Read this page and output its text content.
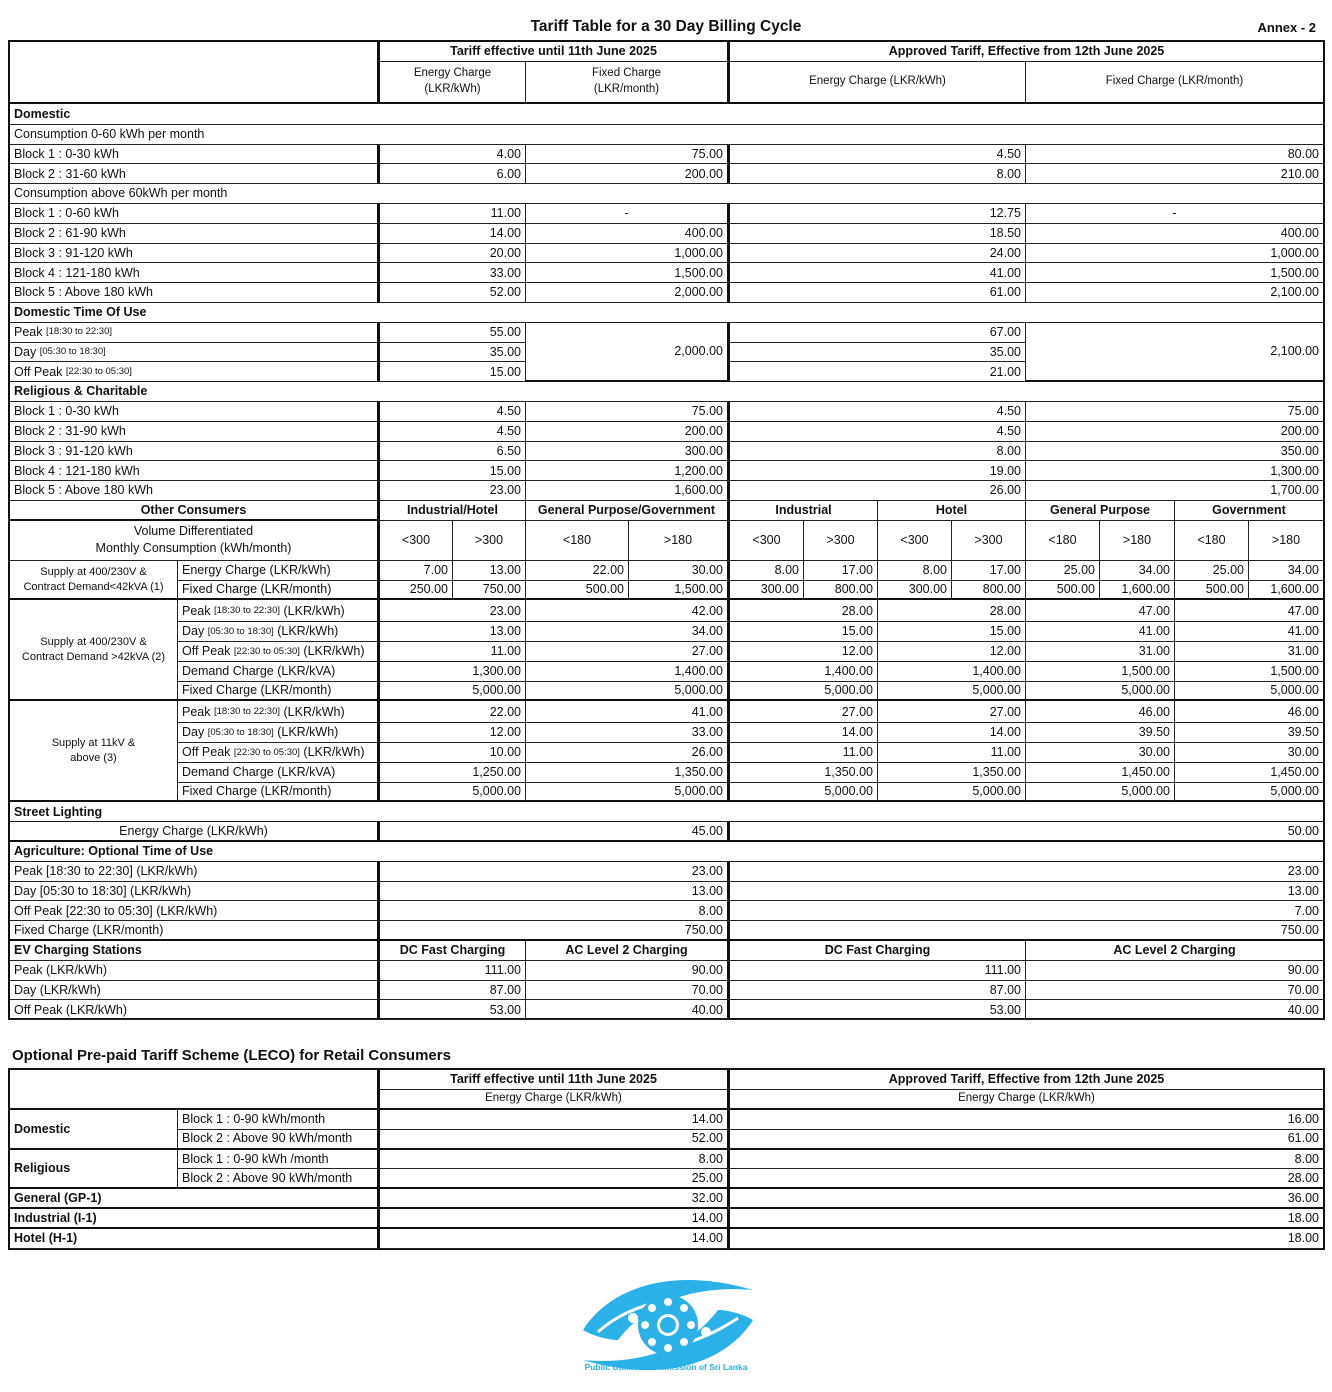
Tariff Table for a 30 Day Billing Cycle	Annex - 2
Tariff effective until 11th June 2025	Approved Tariff, Effective from 12th June 2025
Energy Charge
(LKR/kWh)
Fixed Charge
(LKR/month)
Energy Charge (LKR/kWh)	Fixed Charge (LKR/month)
Domestic
Consumption 0-60 kWh per month
Block 1 : 0-30 kWh	4.00	75.00	4.50	80.00
Block 2 : 31-60 kWh	6.00	200.00	8.00	210.00
Consumption above 60kWh per month
Block 1 : 0-60 kWh	11.00	-	12.75	-
Block 2 : 61-90 kWh	14.00	400.00	18.50	400.00
Block 3 : 91-120 kWh	20.00	1,000.00	24.00	1,000.00
Block 4 : 121-180 kWh	33.00	1,500.00	41.00	1,500.00
Block 5 : Above 180 kWh	52.00	2,000.00	61.00	2,100.00
Domestic Time Of Use
Peak
[18:30 to 22:30]	55.00	67.00
Day
[05:30 to 18:30]	35.00	35.00
Off Peak
[22:30 to 05:30]	15.00	21.00
2,000.00	2,100.00
Religious & Charitable
Block 1 : 0-30 kWh	4.50	75.00	4.50	75.00
Block 2 : 31-90 kWh	4.50	200.00	4.50	200.00
Block 3 : 91-120 kWh	6.50	300.00	8.00	350.00
Block 4 : 121-180 kWh	15.00	1,200.00	19.00	1,300.00
Block 5 : Above 180 kWh	23.00	1,600.00	26.00	1,700.00
Other Consumers	Industrial/Hotel	General Purpose/Government	Industrial	Hotel	General Purpose	Government
Volume Differentiated
Monthly Consumption (kWh/month)
<300	>300	<180	>180	<300	>300	<300	>300	<180	>180	<180	>180
Supply at 400/230V &
Contract Demand<42kVA (1)
Energy Charge (LKR/kWh)	7.00	13.00	22.00	30.00	8.00	17.00	8.00	17.00	25.00	34.00	25.00	34.00
Fixed Charge (LKR/month)	250.00	750.00	500.00	1,500.00	300.00	800.00	300.00	800.00	500.00	1,600.00	500.00	1,600.00
Supply at 400/230V &
Contract Demand >42kVA (2)
Peak
[18:30 to 22:30]
(LKR/kWh)	23.00	42.00	28.00	28.00	47.00	47.00
Day
[05:30 to 18:30]
(LKR/kWh)	13.00	34.00	15.00	15.00	41.00	41.00
Off Peak
[22:30 to 05:30]
(LKR/kWh)	11.00	27.00	12.00	12.00	31.00	31.00
Demand Charge (LKR/kVA)	1,300.00	1,400.00	1,400.00	1,400.00	1,500.00	1,500.00
Fixed Charge (LKR/month)	5,000.00	5,000.00	5,000.00	5,000.00	5,000.00	5,000.00
Supply at 11kV &
above (3)
Peak
[18:30 to 22:30]
(LKR/kWh)	22.00	41.00	27.00	27.00	46.00	46.00
Day
[05:30 to 18:30]
(LKR/kWh)	12.00	33.00	14.00	14.00	39.50	39.50
Off Peak
[22:30 to 05:30]
(LKR/kWh)	10.00	26.00	11.00	11.00	30.00	30.00
Demand Charge (LKR/kVA)	1,250.00	1,350.00	1,350.00	1,350.00	1,450.00	1,450.00
Fixed Charge (LKR/month)	5,000.00	5,000.00	5,000.00	5,000.00	5,000.00	5,000.00
Street Lighting
Energy Charge (LKR/kWh)	45.00	50.00
Agriculture: Optional Time of Use
Peak [18:30 to 22:30] (LKR/kWh)	23.00	23.00
Day [05:30 to 18:30] (LKR/kWh)	13.00	13.00
Off Peak [22:30 to 05:30] (LKR/kWh)	8.00	7.00
Fixed Charge (LKR/month)	750.00	750.00
EV Charging Stations	DC Fast Charging	AC Level 2 Charging	DC Fast Charging	AC Level 2 Charging
Peak (LKR/kWh)	111.00	90.00	111.00	90.00
Day (LKR/kWh)	87.00	70.00	87.00	70.00
Off Peak (LKR/kWh)	53.00	40.00	53.00	40.00
Optional Pre-paid Tariff Scheme (LECO) for Retail Consumers
Tariff effective until 11th June 2025	Approved Tariff, Effective from 12th June 2025
Energy Charge (LKR/kWh)	Energy Charge (LKR/kWh)
Domestic
Block 1 : 0-90 kWh/month	14.00	16.00
Block 2 : Above 90 kWh/month	52.00	61.00
Religious
Block 1 : 0-90 kWh /month	8.00	8.00
Block 2 : Above 90 kWh/month	25.00	28.00
General (GP-1)	32.00	36.00
Industrial (I-1)	14.00	18.00
Hotel (H-1)	14.00	18.00
Public Utilities Commission of Sri Lanka
